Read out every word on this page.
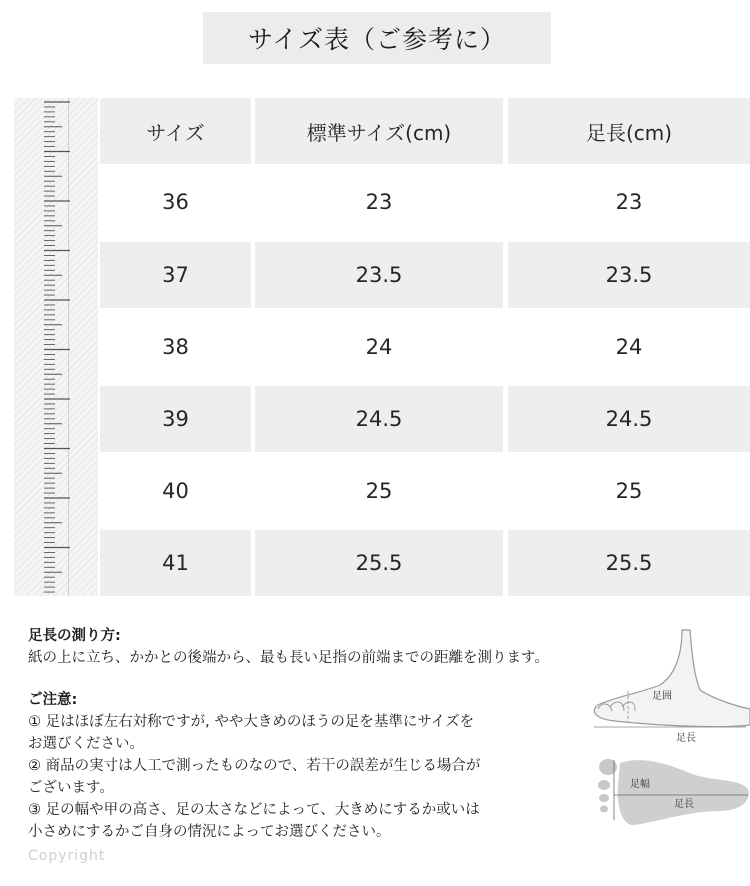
サイズ表（ご参考に）
サイズ	標準サイズ(cm)	足長(cm)
36	23	23
37	23.5	23.5
38	24	24
39	24.5	24.5
40	25	25
41	25.5	25.5
足長の測り方:
紙の上に立ち、かかとの後端から、最も長い足指の前端までの距離を測ります。
ご注意:
① 足はほぼ左右対称ですが, やや大きめのほうの足を基準にサイズを
お選びください。
② 商品の実寸は人工で測ったものなので、若干の誤差が生じる場合が
ございます。
③ 足の幅や甲の高さ、足の太さなどによって、大きめにするか或いは
小さめにするかご自身の情況によってお選びください。
足囲
足長
足幅
足長
Copyright
